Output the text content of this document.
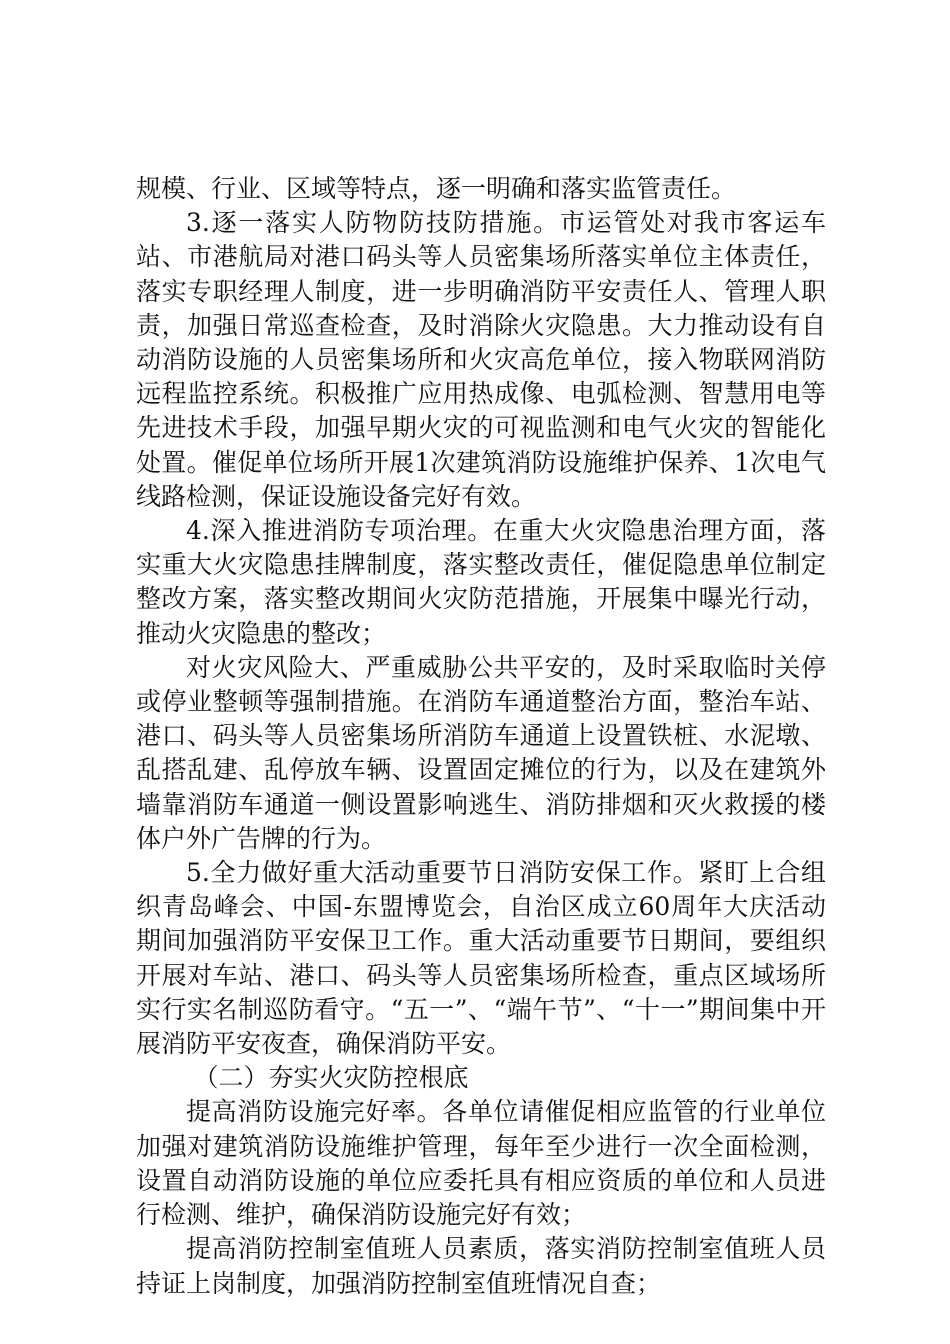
规模、行业、区域等特点，逐一明确和落实监管责任。

3.逐一落实人防物防技防措施。市运管处对我市客运车站、市港航局对港口码头等人员密集场所落实单位主体责任，落实专职经理人制度，进一步明确消防平安责任人、管理人职责，加强日常巡查检查，及时消除火灾隐患。大力推动设有自动消防设施的人员密集场所和火灾高危单位，接入物联网消防远程监控系统。积极推广应用热成像、电弧检测、智慧用电等先进技术手段，加强早期火灾的可视监测和电气火灾的智能化处置。催促单位场所开展1次建筑消防设施维护保养、1次电气线路检测，保证设施设备完好有效。

4.深入推进消防专项治理。在重大火灾隐患治理方面，落实重大火灾隐患挂牌制度，落实整改责任，催促隐患单位制定整改方案，落实整改期间火灾防范措施，开展集中曝光行动，推动火灾隐患的整改；

对火灾风险大、严重威胁公共平安的，及时采取临时关停或停业整顿等强制措施。在消防车通道整治方面，整治车站、港口、码头等人员密集场所消防车通道上设置铁桩、水泥墩、乱搭乱建、乱停放车辆、设置固定摊位的行为，以及在建筑外墙靠消防车通道一侧设置影响逃生、消防排烟和灭火救援的楼体户外广告牌的行为。

5.全力做好重大活动重要节日消防安保工作。紧盯上合组织青岛峰会、中国-东盟博览会，自治区成立60周年大庆活动期间加强消防平安保卫工作。重大活动重要节日期间，要组织开展对车站、港口、码头等人员密集场所检查，重点区域场所实行实名制巡防看守。“五一”、“端午节”、“十一”期间集中开展消防平安夜查，确保消防平安。

（二）夯实火灾防控根底

提高消防设施完好率。各单位请催促相应监管的行业单位加强对建筑消防设施维护管理，每年至少进行一次全面检测，设置自动消防设施的单位应委托具有相应资质的单位和人员进行检测、维护，确保消防设施完好有效；

提高消防控制室值班人员素质，落实消防控制室值班人员持证上岗制度，加强消防控制室值班情况自查；
